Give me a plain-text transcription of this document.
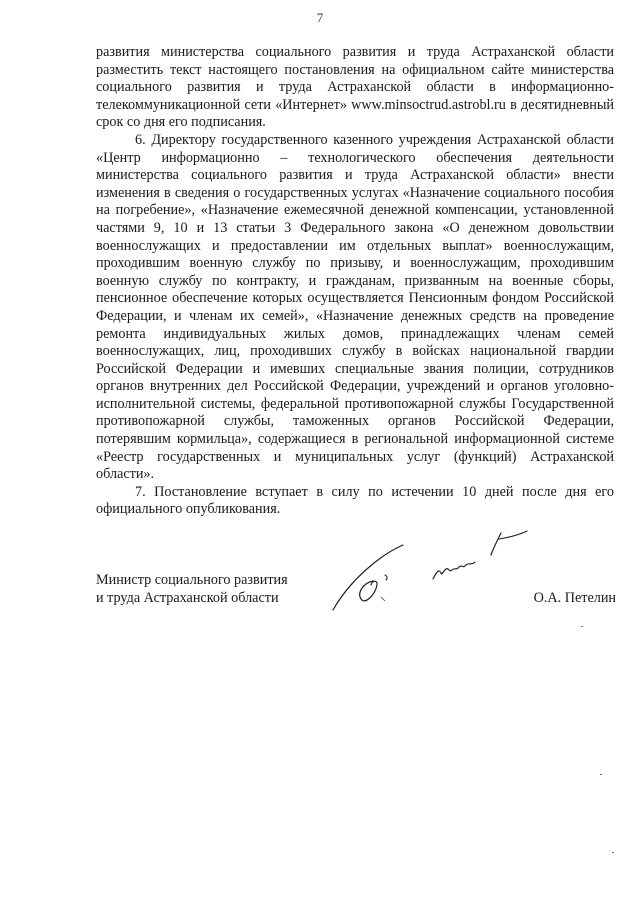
7

развития министерства социального развития и труда Астраханской области разместить текст настоящего постановления на официальном сайте министерства социального развития и труда Астраханской области в информационно-телекоммуникационной сети «Интернет» www.minsoctrud.astrobl.ru в десятидневный срок со дня его подписания.

6. Директору государственного казенного учреждения Астраханской области «Центр информационно – технологического обеспечения деятельности министерства социального развития и труда Астраханской области» внести изменения в сведения о государственных услугах «Назначение социального пособия на погребение», «Назначение ежемесячной денежной компенсации, установленной частями 9, 10 и 13 статьи 3 Федерального закона «О денежном довольствии военнослужащих и предоставлении им отдельных выплат» военнослужащим, проходившим военную службу по призыву, и военнослужащим, проходившим военную службу по контракту, и гражданам, призванным на военные сборы, пенсионное обеспечение которых осуществляется Пенсионным фондом Российской Федерации, и членам их семей», «Назначение денежных средств на проведение ремонта индивидуальных жилых домов, принадлежащих членам семей военнослужащих, лиц, проходивших службу в войсках национальной гвардии Российской Федерации и имевших специальные звания полиции, сотрудников органов внутренних дел Российской Федерации, учреждений и органов уголовно-исполнительной системы, федеральной противопожарной службы Государственной противопожарной службы, таможенных органов Российской Федерации, потерявшим кормильца», содержащиеся в региональной информационной системе «Реестр государственных и муниципальных услуг (функций) Астраханской области».

7. Постановление вступает в силу по истечении 10 дней после дня его официального опубликования.

Министр социального развития
и труда Астраханской области	О.А. Петелин
